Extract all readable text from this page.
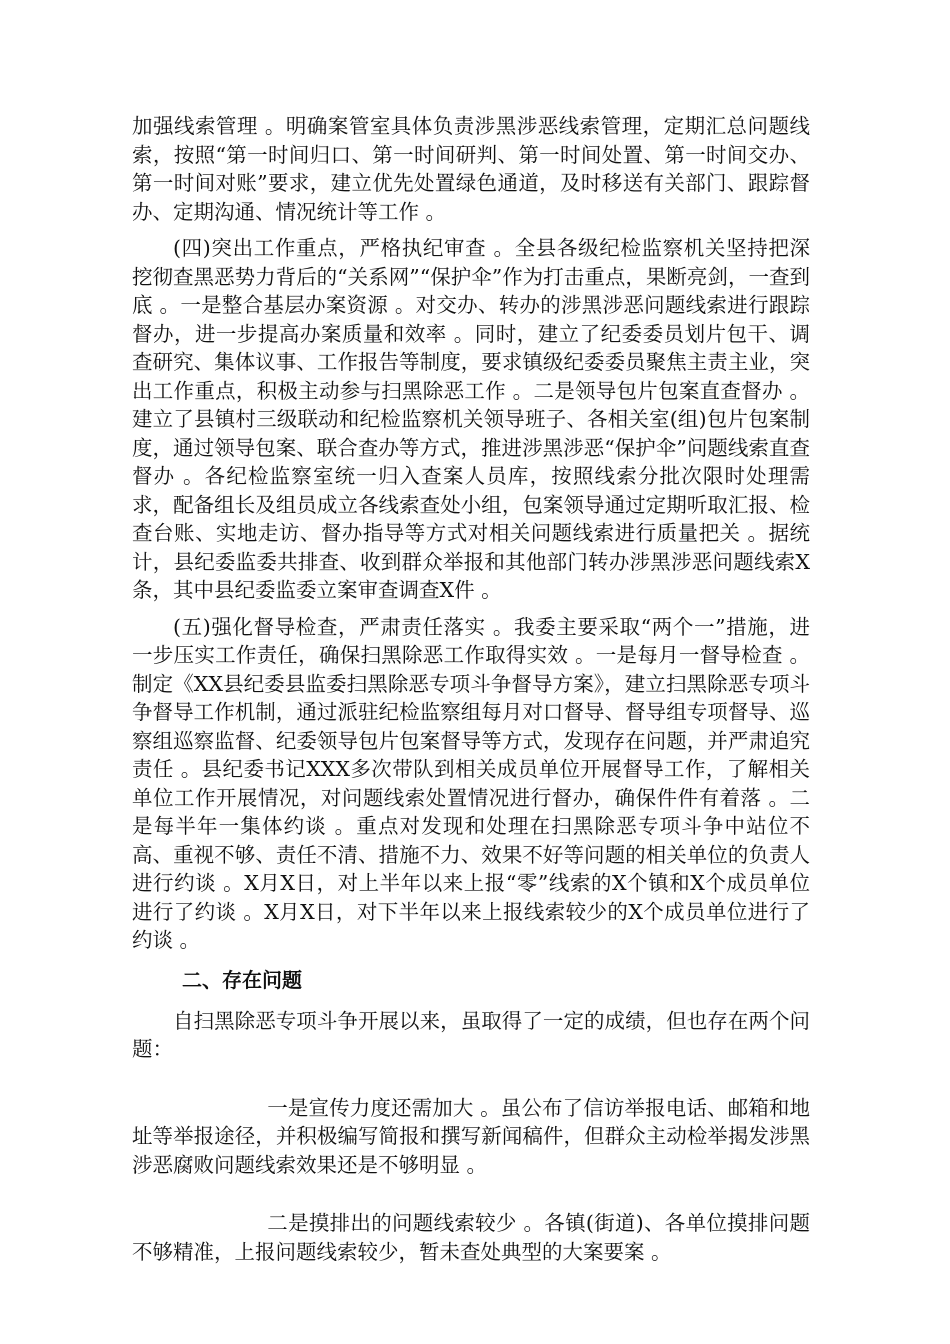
加强线索管理 。明确案管室具体负责涉黑涉恶线索管理，定期汇总问题线索，按照“第一时间归口、第一时间研判、第一时间处置、第一时间交办、第一时间对账”要求，建立优先处置绿色通道，及时移送有关部门、跟踪督办、定期沟通、情况统计等工作 。

(四)突出工作重点，严格执纪审查 。全县各级纪检监察机关坚持把深挖彻查黑恶势力背后的“关系网”“保护伞”作为打击重点，果断亮剑，一查到底 。一是整合基层办案资源 。对交办、转办的涉黑涉恶问题线索进行跟踪督办，进一步提高办案质量和效率 。同时，建立了纪委委员划片包干、调查研究、集体议事、工作报告等制度，要求镇级纪委委员聚焦主责主业，突出工作重点，积极主动参与扫黑除恶工作 。二是领导包片包案直查督办 。建立了县镇村三级联动和纪检监察机关领导班子、各相关室(组)包片包案制度，通过领导包案、联合查办等方式，推进涉黑涉恶“保护伞”问题线索直查督办 。各纪检监察室统一归入查案人员库，按照线索分批次限时处理需求，配备组长及组员成立各线索查处小组，包案领导通过定期听取汇报、检查台账、实地走访、督办指导等方式对相关问题线索进行质量把关 。据统计，县纪委监委共排查、收到群众举报和其他部门转办涉黑涉恶问题线索X条，其中县纪委监委立案审查调查X件 。

(五)强化督导检查，严肃责任落实 。我委主要采取“两个一”措施，进一步压实工作责任，确保扫黑除恶工作取得实效 。一是每月一督导检查 。制定《XX县纪委县监委扫黑除恶专项斗争督导方案》，建立扫黑除恶专项斗争督导工作机制，通过派驻纪检监察组每月对口督导、督导组专项督导、巡察组巡察监督、纪委领导包片包案督导等方式，发现存在问题，并严肃追究责任 。县纪委书记XXX多次带队到相关成员单位开展督导工作，了解相关单位工作开展情况，对问题线索处置情况进行督办，确保件件有着落 。二是每半年一集体约谈 。重点对发现和处理在扫黑除恶专项斗争中站位不高、重视不够、责任不清、措施不力、效果不好等问题的相关单位的负责人进行约谈 。X月X日，对上半年以来上报“零”线索的X个镇和X个成员单位进行了约谈 。X月X日，对下半年以来上报线索较少的X个成员单位进行了约谈 。

二、存在问题

自扫黑除恶专项斗争开展以来，虽取得了一定的成绩，但也存在两个问题：

一是宣传力度还需加大 。虽公布了信访举报电话、邮箱和地址等举报途径，并积极编写简报和撰写新闻稿件，但群众主动检举揭发涉黑涉恶腐败问题线索效果还是不够明显 。

二是摸排出的问题线索较少 。各镇(街道)、各单位摸排问题不够精准，上报问题线索较少，暂未查处典型的大案要案 。
